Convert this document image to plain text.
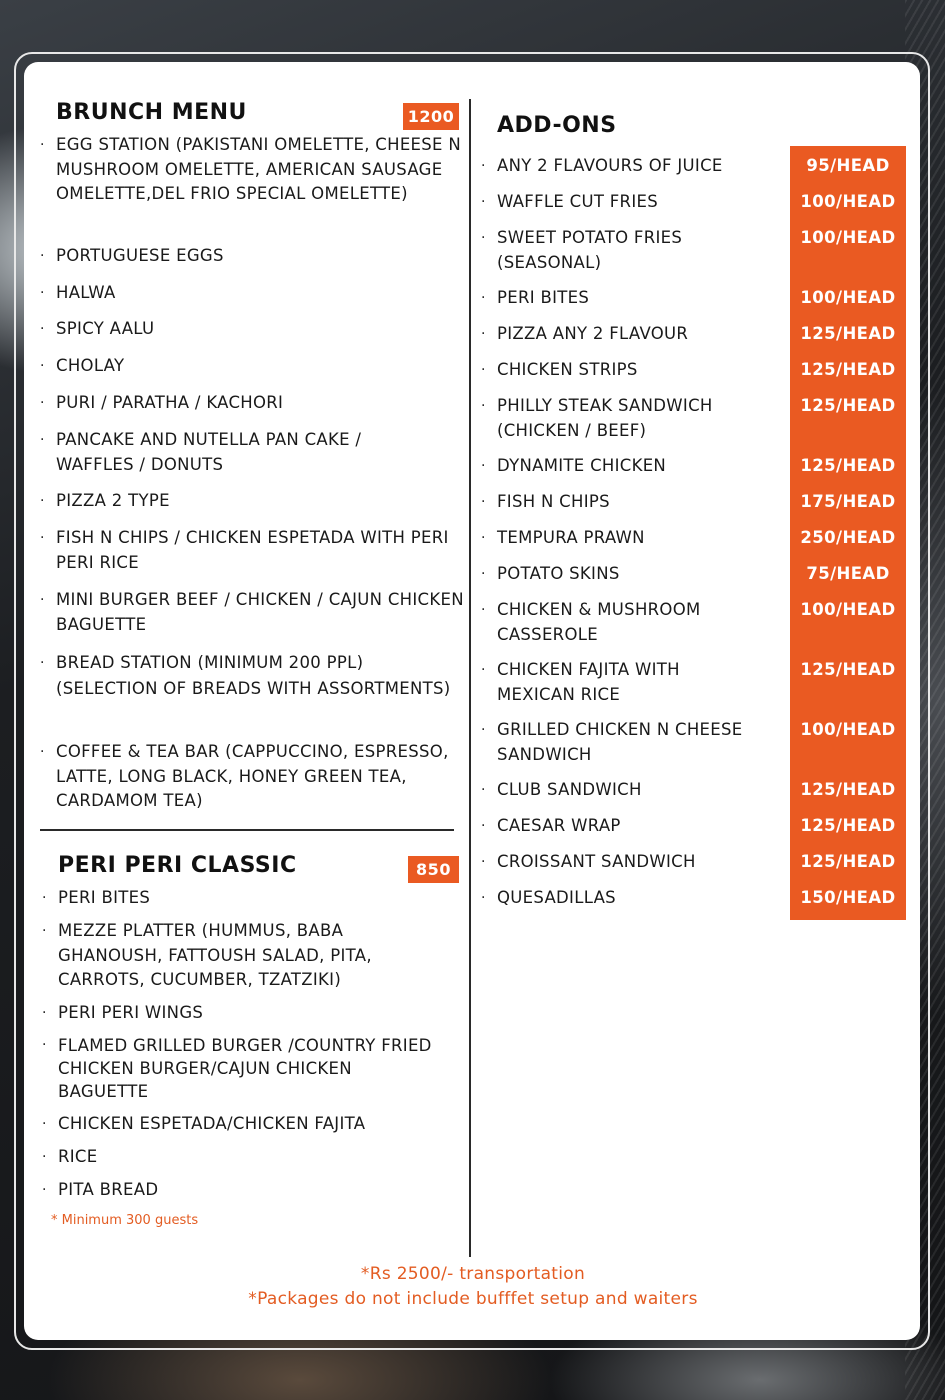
BRUNCH MENU	1200
· EGG STATION (PAKISTANI OMELETTE, CHEESE N MUSHROOM OMELETTE, AMERICAN SAUSAGE OMELETTE,DEL FRIO SPECIAL OMELETTE)
· PORTUGUESE EGGS
· HALWA
· SPICY AALU
· CHOLAY
· PURI / PARATHA / KACHORI
· PANCAKE AND NUTELLA PAN CAKE / WAFFLES / DONUTS
· PIZZA 2 TYPE
· FISH N CHIPS / CHICKEN ESPETADA WITH PERI PERI RICE
· MINI BURGER BEEF / CHICKEN / CAJUN CHICKEN BAGUETTE
· BREAD STATION (MINIMUM 200 PPL) (SELECTION OF BREADS WITH ASSORTMENTS)
· COFFEE & TEA BAR (CAPPUCCINO, ESPRESSO, LATTE, LONG BLACK, HONEY GREEN TEA, CARDAMOM TEA)
PERI PERI CLASSIC	850
· PERI BITES
· MEZZE PLATTER (HUMMUS, BABA GHANOUSH, FATTOUSH SALAD, PITA, CARROTS, CUCUMBER, TZATZIKI)
· PERI PERI WINGS
· FLAMED GRILLED BURGER /COUNTRY FRIED CHICKEN BURGER/CAJUN CHICKEN BAGUETTE
· CHICKEN ESPETADA/CHICKEN FAJITA
· RICE
· PITA BREAD
* Minimum 300 guests
ADD-ONS
· ANY 2 FLAVOURS OF JUICE	95/HEAD
· WAFFLE CUT FRIES	100/HEAD
· SWEET POTATO FRIES (SEASONAL)
100/HEAD
· PERI BITES	100/HEAD
· PIZZA ANY 2 FLAVOUR	125/HEAD
· CHICKEN STRIPS	125/HEAD
· PHILLY STEAK SANDWICH (CHICKEN / BEEF)
125/HEAD
· DYNAMITE CHICKEN	125/HEAD
· FISH N CHIPS	175/HEAD
· TEMPURA PRAWN	250/HEAD
· POTATO SKINS	75/HEAD
· CHICKEN & MUSHROOM CASSEROLE
100/HEAD
· CHICKEN FAJITA WITH MEXICAN RICE
125/HEAD
· GRILLED CHICKEN N CHEESE SANDWICH
100/HEAD
· CLUB SANDWICH	125/HEAD
· CAESAR WRAP	125/HEAD
· CROISSANT SANDWICH	125/HEAD
· QUESADILLAS	150/HEAD
*Rs 2500/- transportation
*Packages do not include bufffet setup and waiters
